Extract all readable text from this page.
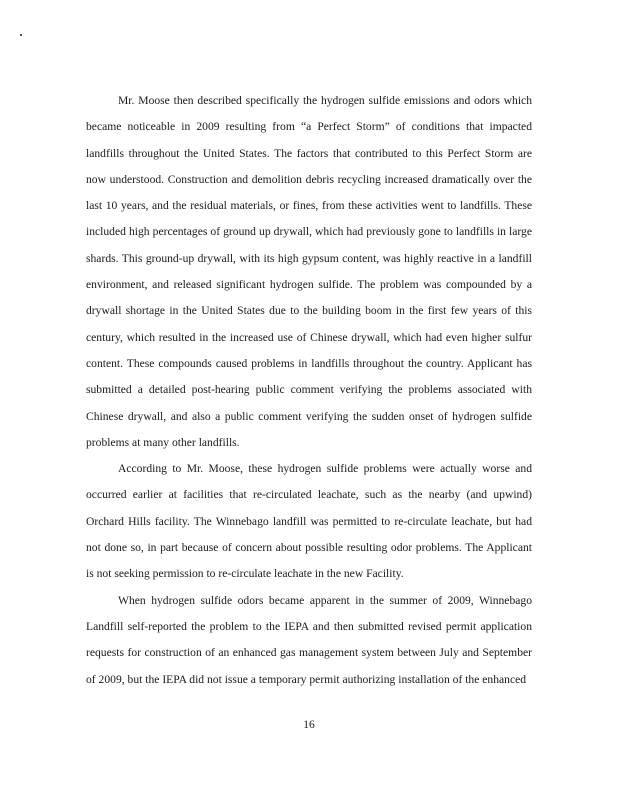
Mr. Moose then described specifically the hydrogen sulfide emissions and odors which became noticeable in 2009 resulting from “a Perfect Storm” of conditions that impacted landfills throughout the United States. The factors that contributed to this Perfect Storm are now understood. Construction and demolition debris recycling increased dramatically over the last 10 years, and the residual materials, or fines, from these activities went to landfills. These included high percentages of ground up drywall, which had previously gone to landfills in large shards. This ground-up drywall, with its high gypsum content, was highly reactive in a landfill environment, and released significant hydrogen sulfide. The problem was compounded by a drywall shortage in the United States due to the building boom in the first few years of this century, which resulted in the increased use of Chinese drywall, which had even higher sulfur content. These compounds caused problems in landfills throughout the country. Applicant has submitted a detailed post-hearing public comment verifying the problems associated with Chinese drywall, and also a public comment verifying the sudden onset of hydrogen sulfide problems at many other landfills.

According to Mr. Moose, these hydrogen sulfide problems were actually worse and occurred earlier at facilities that re-circulated leachate, such as the nearby (and upwind) Orchard Hills facility. The Winnebago landfill was permitted to re-circulate leachate, but had not done so, in part because of concern about possible resulting odor problems. The Applicant is not seeking permission to re-circulate leachate in the new Facility.

When hydrogen sulfide odors became apparent in the summer of 2009, Winnebago Landfill self-reported the problem to the IEPA and then submitted revised permit application requests for construction of an enhanced gas management system between July and September of 2009, but the IEPA did not issue a temporary permit authorizing installation of the enhanced

16
